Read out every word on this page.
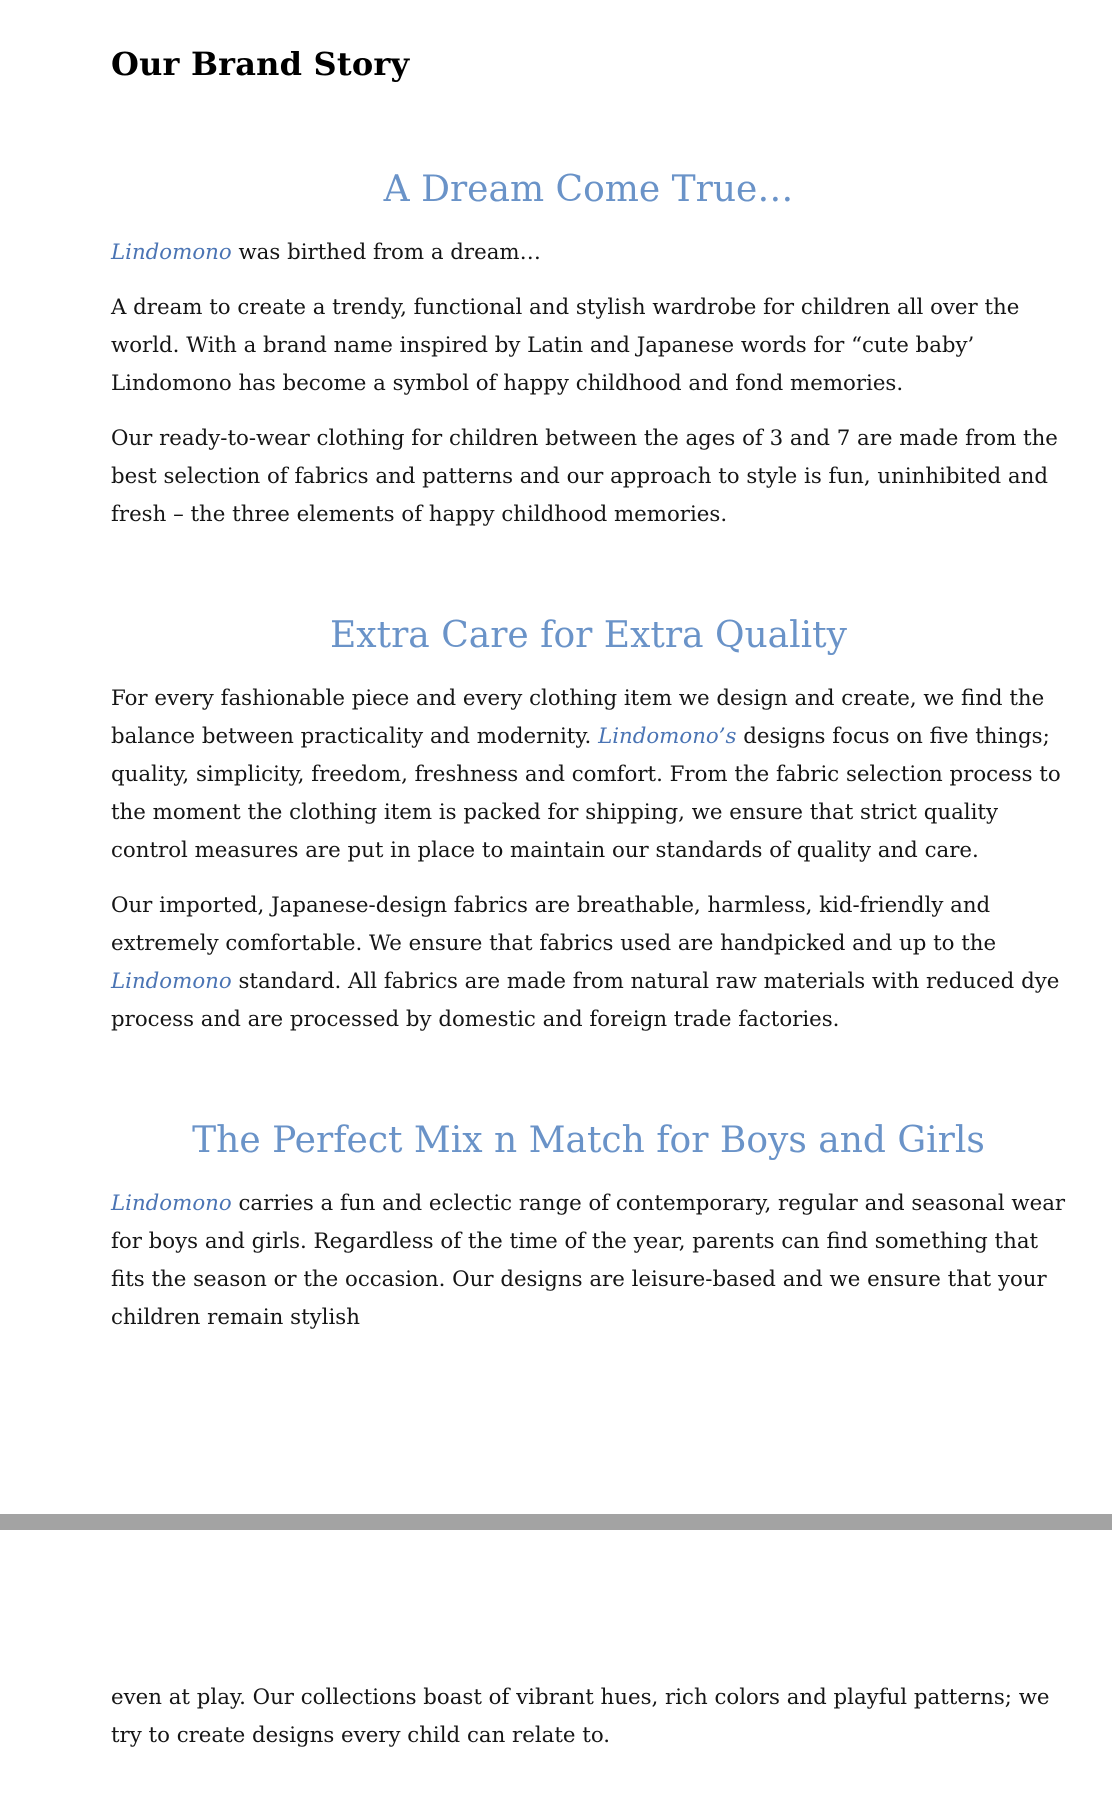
Our Brand Story
A Dream Come True…

Lindomono was birthed from a dream…

A dream to create a trendy, functional and stylish wardrobe for children all over the world. With a brand name inspired by Latin and Japanese words for “cute baby’ Lindomono has become a symbol of happy childhood and fond memories.

Our ready-to-wear clothing for children between the ages of 3 and 7 are made from the best selection of fabrics and patterns and our approach to style is fun, uninhibited and fresh – the three elements of happy childhood memories.

Extra Care for Extra Quality

For every fashionable piece and every clothing item we design and create, we find the balance between practicality and modernity. Lindomono’s designs focus on five things; quality, simplicity, freedom, freshness and comfort. From the fabric selection process to the moment the clothing item is packed for shipping, we ensure that strict quality control measures are put in place to maintain our standards of quality and care.

Our imported, Japanese-design fabrics are breathable, harmless, kid-friendly and extremely comfortable. We ensure that fabrics used are handpicked and up to the Lindomono standard. All fabrics are made from natural raw materials with reduced dye process and are processed by domestic and foreign trade factories.

The Perfect Mix n Match for Boys and Girls

Lindomono carries a fun and eclectic range of contemporary, regular and seasonal wear for boys and girls. Regardless of the time of the year, parents can find something that fits the season or the occasion. Our designs are leisure-based and we ensure that your children remain stylish

even at play. Our collections boast of vibrant hues, rich colors and playful patterns; we try to create designs every child can relate to.
